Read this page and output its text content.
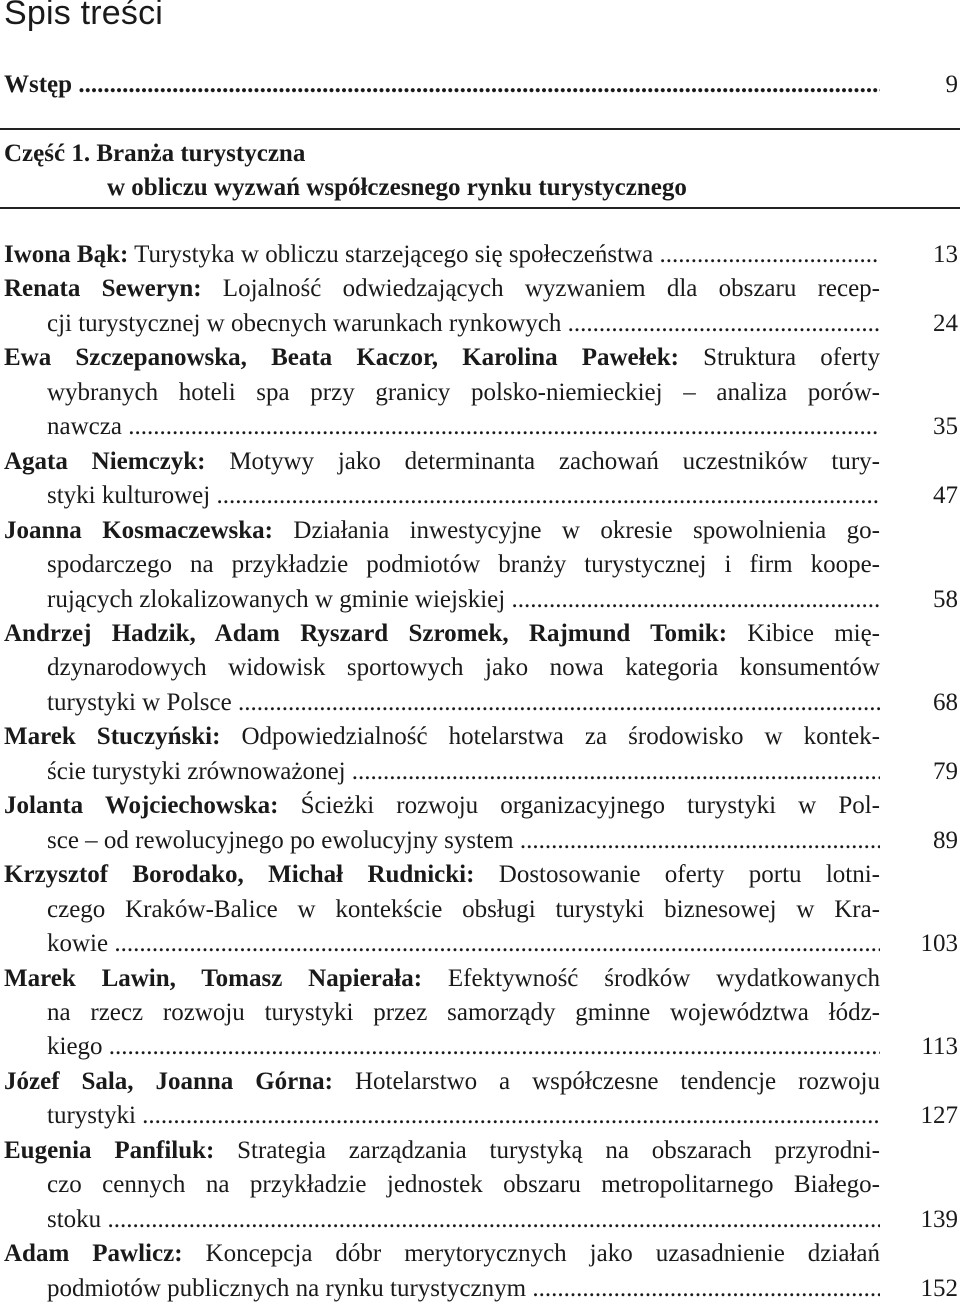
Spis treści
Wstęp .....	9
Część 1. Branża turystyczna
w obliczu wyzwań współczesnego rynku turystycznego
Iwona Bąk: Turystyka w obliczu starzejącego się społeczeństwa .....	13
Renata Seweryn: Lojalność odwiedzających wyzwaniem dla obszaru recep-
cji turystycznej w obecnych warunkach rynkowych .....	24
Ewa Szczepanowska, Beata Kaczor, Karolina Pawełek: Struktura oferty
wybranych hoteli spa przy granicy polsko-niemieckiej – analiza porów-
nawcza .....	35
Agata Niemczyk: Motywy jako determinanta zachowań uczestników tury-
styki kulturowej .....	47
Joanna Kosmaczewska: Działania inwestycyjne w okresie spowolnienia go-
spodarczego na przykładzie podmiotów branży turystycznej i firm koope-
rujących zlokalizowanych w gminie wiejskiej .....	58
Andrzej Hadzik, Adam Ryszard Szromek, Rajmund Tomik: Kibice mię-
dzynarodowych widowisk sportowych jako nowa kategoria konsumentów
turystyki w Polsce .....	68
Marek Stuczyński: Odpowiedzialność hotelarstwa za środowisko w kontek-
ście turystyki zrównoważonej .....	79
Jolanta Wojciechowska: Ścieżki rozwoju organizacyjnego turystyki w Pol-
sce – od rewolucyjnego po ewolucyjny system .....	89
Krzysztof Borodako, Michał Rudnicki: Dostosowanie oferty portu lotni-
czego Kraków-Balice w kontekście obsługi turystyki biznesowej w Kra-
kowie .....	103
Marek Lawin, Tomasz Napierała: Efektywność środków wydatkowanych
na rzecz rozwoju turystyki przez samorządy gminne województwa łódz-
kiego .....	113
Józef Sala, Joanna Górna: Hotelarstwo a współczesne tendencje rozwoju
turystyki .....	127
Eugenia Panfiluk: Strategia zarządzania turystyką na obszarach przyrodni-
czo cennych na przykładzie jednostek obszaru metropolitarnego Białego-
stoku .....	139
Adam Pawlicz: Koncepcja dóbr merytorycznych jako uzasadnienie działań
podmiotów publicznych na rynku turystycznym .....	152
